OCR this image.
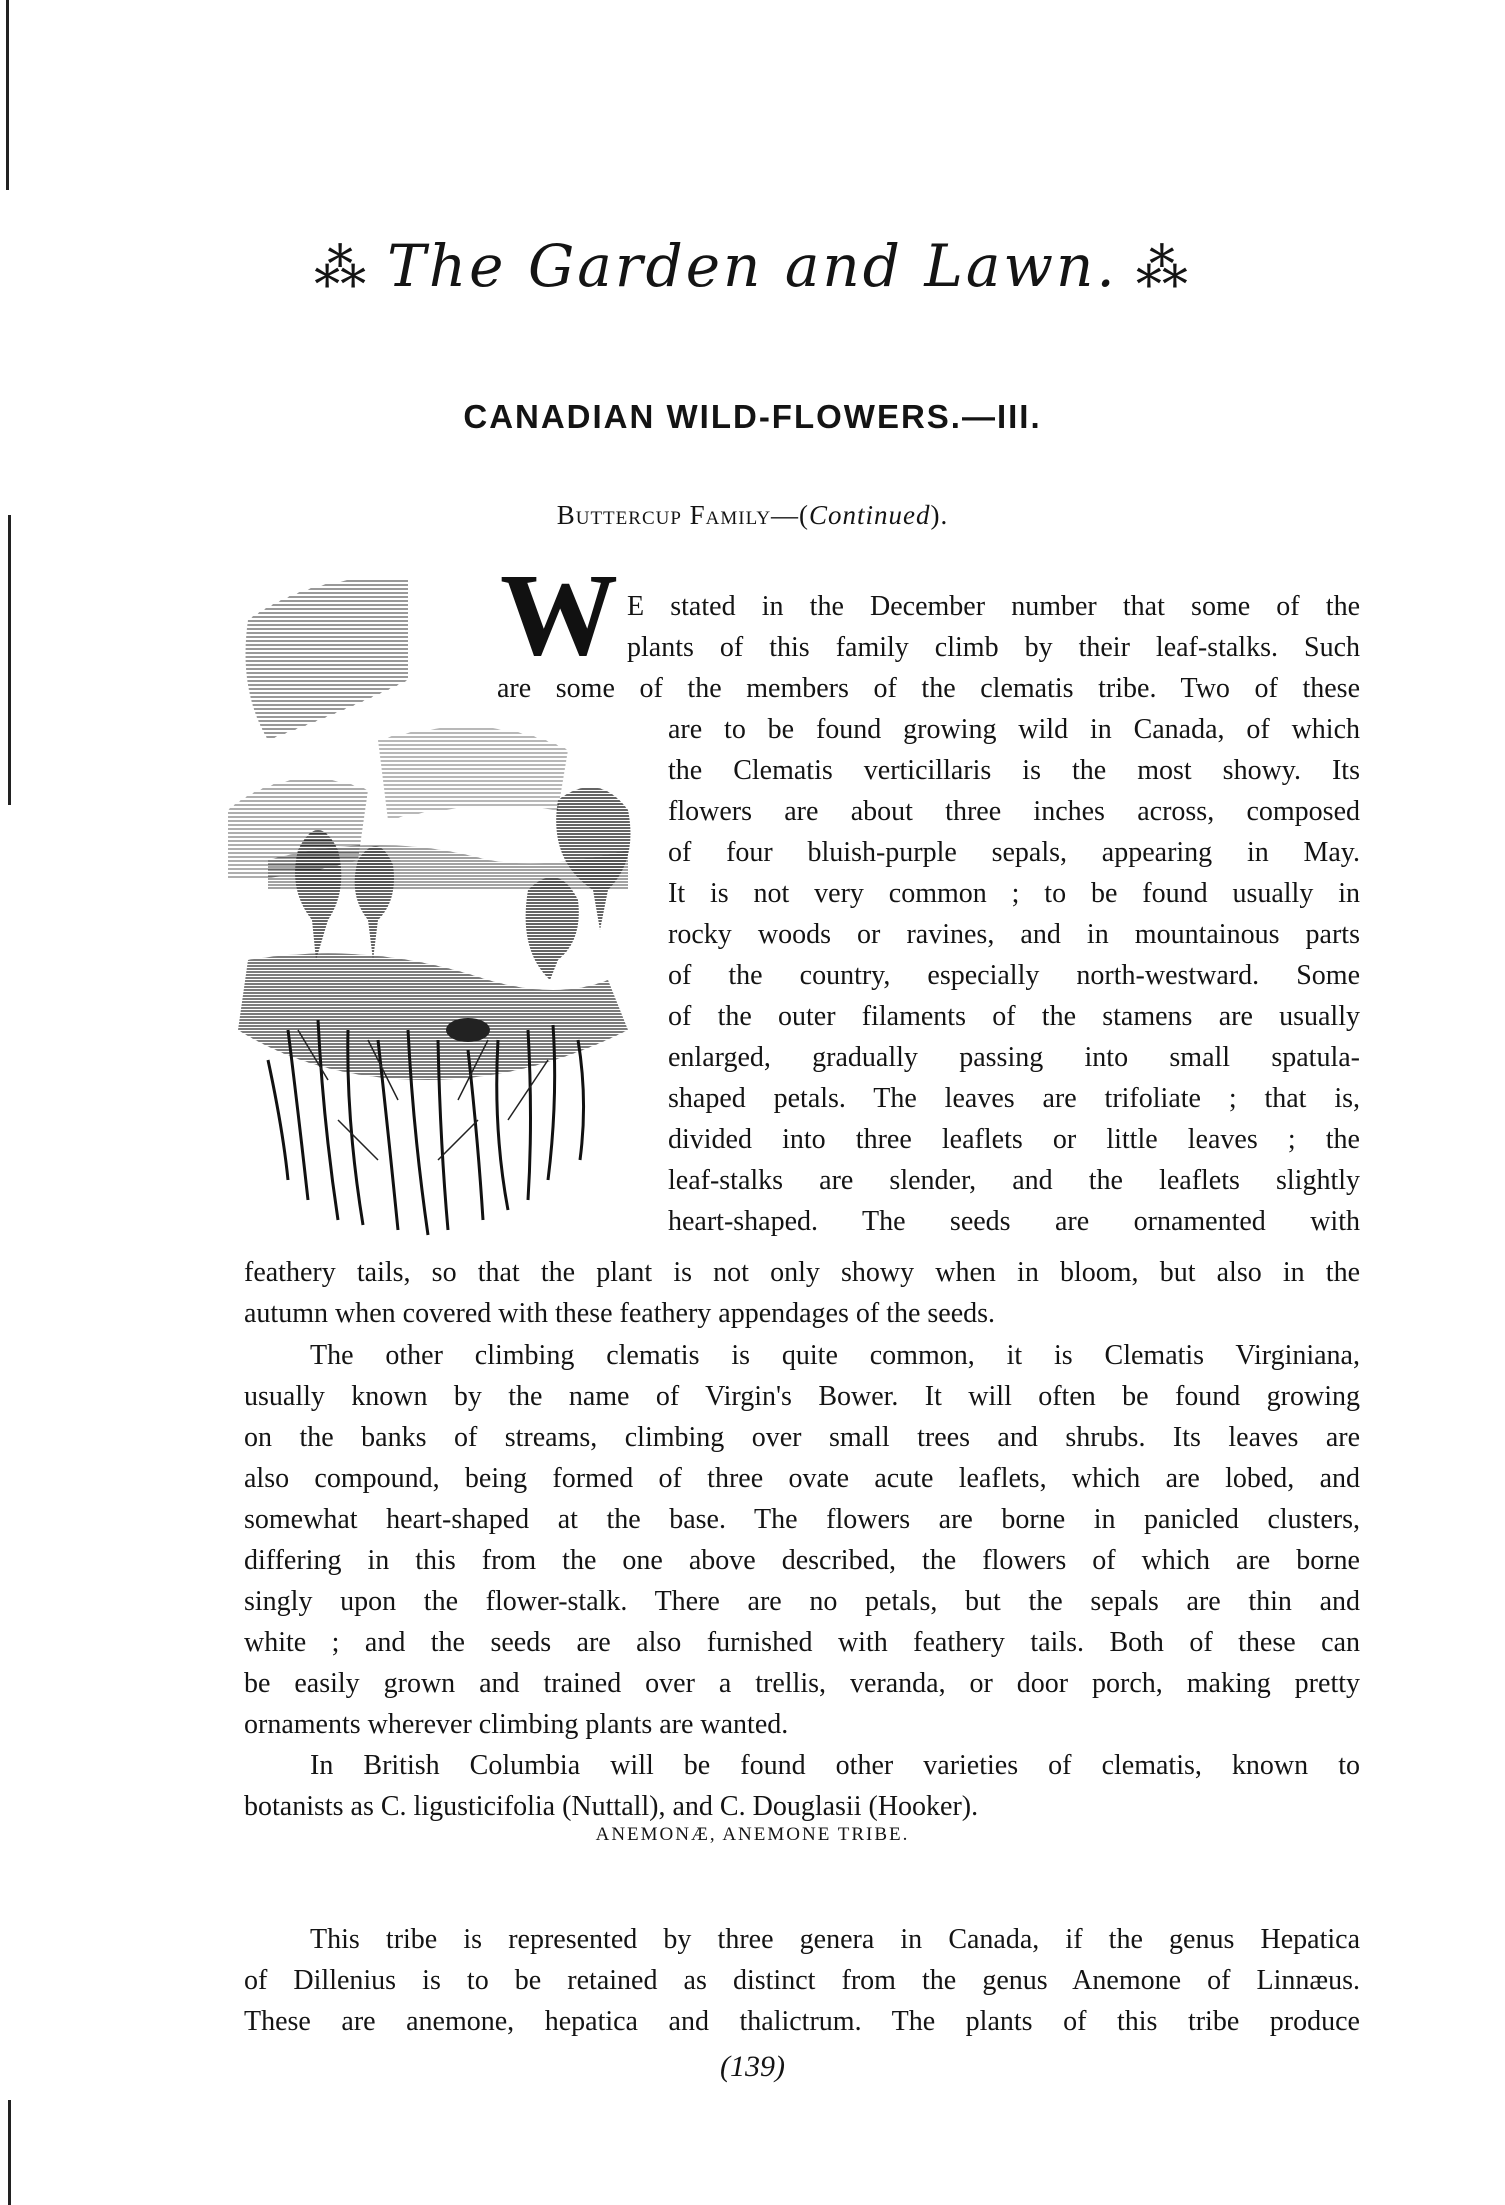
⁂ The Garden and Lawn. ⁂
CANADIAN WILD-FLOWERS.—III.
Buttercup Family—(Continued).
W E stated in the December number that some of the
plants of this family climb by their leaf-stalks. Such
are some of the members of the clematis tribe. Two of these
are to be found growing wild in Canada, of which
the Clematis verticillaris is the most showy. Its
flowers are about three inches across, composed
of four bluish-purple sepals, appearing in May.
It is not very common ; to be found usually in
rocky woods or ravines, and in mountainous parts
of the country, especially north-westward. Some
of the outer filaments of the stamens are usually
enlarged, gradually passing into small spatula-
shaped petals. The leaves are trifoliate ; that is,
divided into three leaflets or little leaves ; the
leaf-stalks are slender, and the leaflets slightly
heart-shaped. The seeds are ornamented with
feathery tails, so that the plant is not only showy when in bloom, but also in the
autumn when covered with these feathery appendages of the seeds.
The other climbing clematis is quite common, it is Clematis Virginiana,
usually known by the name of Virgin's Bower. It will often be found growing
on the banks of streams, climbing over small trees and shrubs. Its leaves are
also compound, being formed of three ovate acute leaflets, which are lobed, and
somewhat heart-shaped at the base. The flowers are borne in panicled clusters,
differing in this from the one above described, the flowers of which are borne
singly upon the flower-stalk. There are no petals, but the sepals are thin and
white ; and the seeds are also furnished with feathery tails. Both of these can
be easily grown and trained over a trellis, veranda, or door porch, making pretty
ornaments wherever climbing plants are wanted.
In British Columbia will be found other varieties of clematis, known to
botanists as C. ligusticifolia (Nuttall), and C. Douglasii (Hooker).
This tribe is represented by three genera in Canada, if the genus Hepatica
of Dillenius is to be retained as distinct from the genus Anemone of Linnæus.
These are anemone, hepatica and thalictrum. The plants of this tribe produce
ANEMONÆ, ANEMONE TRIBE.
(139)
